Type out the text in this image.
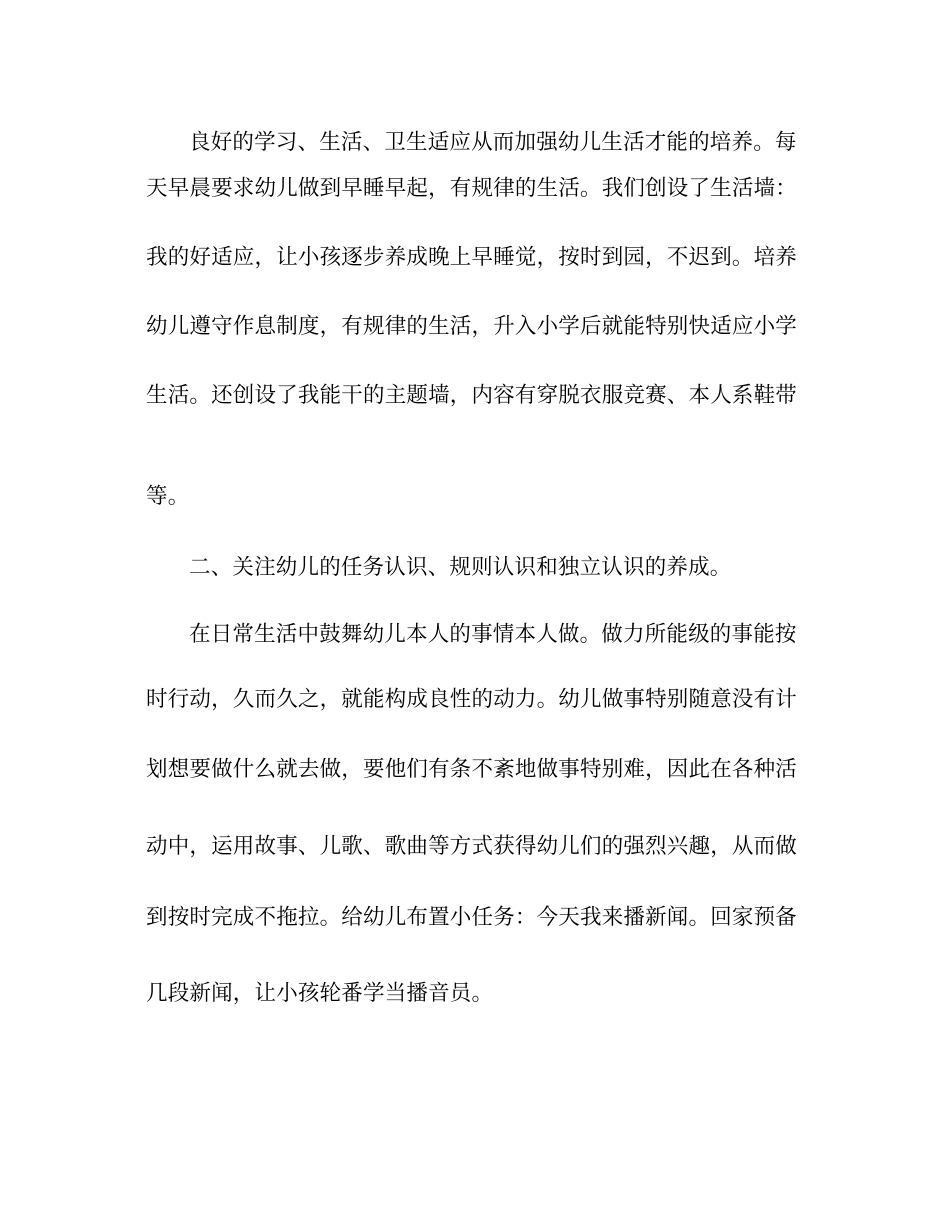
良好的学习、生活、卫生适应从而加强幼儿生活才能的培养。每
天早晨要求幼儿做到早睡早起，有规律的生活。我们创设了生活墙：
我的好适应，让小孩逐步养成晚上早睡觉，按时到园，不迟到。培养
幼儿遵守作息制度，有规律的生活，升入小学后就能特别快适应小学
生活。还创设了我能干的主题墙，内容有穿脱衣服竞赛、本人系鞋带
等。
二、关注幼儿的任务认识、规则认识和独立认识的养成。
在日常生活中鼓舞幼儿本人的事情本人做。做力所能级的事能按
时行动，久而久之，就能构成良性的动力。幼儿做事特别随意没有计
划想要做什么就去做，要他们有条不紊地做事特别难，因此在各种活
动中，运用故事、儿歌、歌曲等方式获得幼儿们的强烈兴趣，从而做
到按时完成不拖拉。给幼儿布置小任务：今天我来播新闻。回家预备
几段新闻，让小孩轮番学当播音员。
